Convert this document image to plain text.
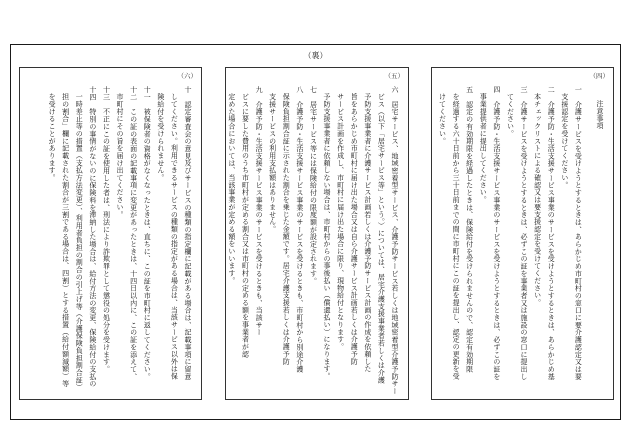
（裏）
（六）

十　認定審査会の意見及びサービスの種類の指定欄に記載がある場合は、記載事項に留意

してください。利用できるサービスの種類の指定がある場合は、当該サービス以外は保

険給付を受けられません。

十一　被保険者の資格がなくなったときは、直ちに、この証を市町村に返してください。

十二　この証の表面の記載事項に変更があったときは、十四日以内に、この証を添えて、

市町村にその旨を届け出てください。

十三　不正にこの証を使用した者は、刑法により詐欺罪として懲役の処分を受けます。

十四　特別の事情がないのに保険料を滞納した場合は、給付方法の変更、保険給付の支払の

一時差止等の措置（支払方法変更）、利用者負担の割合の引上げ等（介護保険負担割合証）

担の割合」欄に記載された割合が三割である場合は、四割）とする措置（給付額減額）等

を受けることがあります。

（五）

六　居宅サービス、地域密着型サービス、介護予防サービス若しくは地域密着型介護予防サー

ビス（以下「居宅サービス等」という。）については、居宅介護支援事業者若しくは介護

予防支援事業者に介護サービス計画若しくは介護予防サービス計画の作成を依頼した

旨をあらかじめ市町村に届け出た場合又は自ら介護サービス計画若しくは介護予防

サービス計画を作成し、市町村に届け出た場合に限り、現物給付となります。

予防支援事業者に依頼しない場合は、市町村からの事後払い（償還払い）になります。

七　居宅サービス等には保険給付の限度額が設定されます。

八　介護予防・生活支援サービス事業のサービスを受けるときも、市町村から別途介護

保険負担割合証に示された割合を乗じた金額です。居宅介護支援若しくは介護予防

支援サービスの利用支払額はありません。

九　介護予防・生活支援サービス事業のサービスを受けるときも、当該サー

ビスに要した費用のうち市町村が定める割合又は市町村の定める額を事業者が認

定めた場合においては、当該事業が定める額をいいます。

（四）

注意事項

一　介護サービスを受けようとするときは、あらかじめ市町村の窓口に要介護認定又は要

支援認定を受けてください。

二　介護予防・生活支援サービス事業のサービスを受けようとするときは、あらかじめ基

本チェックリストによる確認又は要支援認定を受けてください。

三　介護サービスを受けようとするときは、必ずこの証を事業者又は施設の窓口に提出し

てください。

四　介護予防・生活支援サービス事業のサービスを受けようとするときは、必ずこの証を

事業提供者に提出してください。

五　認定の有効期限を経過したときは、保険給付を受けられませんので、認定有効期限

を経過する六十日前から三十日前までの間に市町村にこの証を提出し、認定の更新を受

けてください。
